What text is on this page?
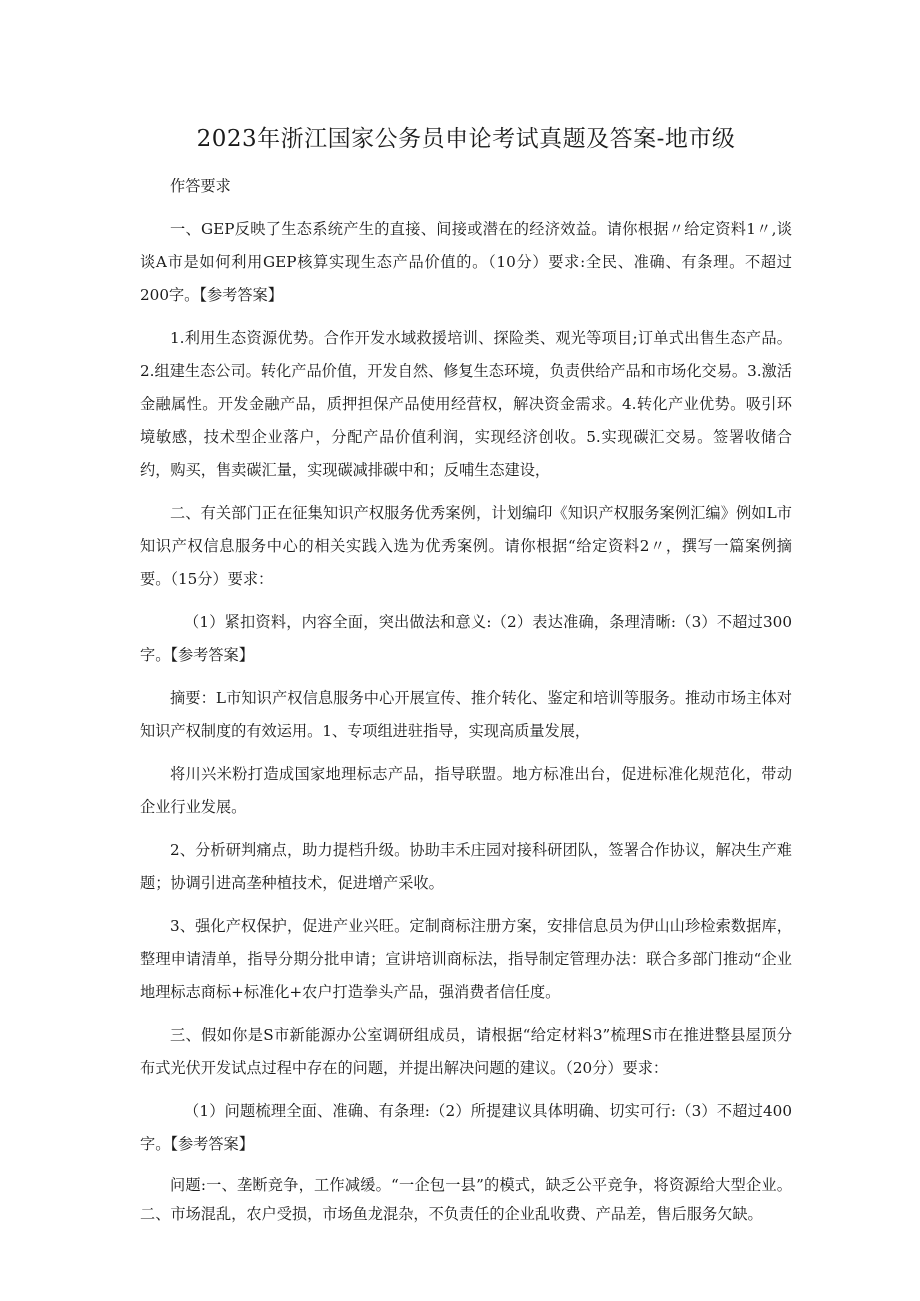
2023年浙江国家公务员申论考试真题及答案-地市级

作答要求

一、GEP反映了生态系统产生的直接、间接或潜在的经济效益。请你根据〃给定资料1〃,谈谈A市是如何利用GEP核算实现生态产品价值的。（10分）要求:全民、准确、有条理。不超过200字。【参考答案】

1.利用生态资源优势。合作开发水域救援培训、探险类、观光等项目;订单式出售生态产品。2.组建生态公司。转化产品价值，开发自然、修复生态环境，负责供给产品和市场化交易。3.激活金融属性。开发金融产品，质押担保产品使用经营权，解决资金需求。4.转化产业优势。吸引环境敏感，技术型企业落户，分配产品价值利润，实现经济创收。5.实现碳汇交易。签署收储合约，购买，售卖碳汇量，实现碳减排碳中和；反哺生态建设，

二、有关部门正在征集知识产权服务优秀案例，计划编印《知识产权服务案例汇编》例如L市知识产权信息服务中心的相关实践入选为优秀案例。请你根据“给定资料2〃，撰写一篇案例摘要。（15分）要求：

（1）紧扣资料，内容全面，突出做法和意义:（2）表达准确，条理清晰:（3）不超过300字。【参考答案】

摘要：L市知识产权信息服务中心开展宣传、推介转化、鉴定和培训等服务。推动市场主体对知识产权制度的有效运用。1、专项组进驻指导，实现高质量发展，

将川兴米粉打造成国家地理标志产品，指导联盟。地方标准出台，促进标准化规范化，带动企业行业发展。

2、分析研判痛点，助力提档升级。协助丰禾庄园对接科研团队，签署合作协议，解决生产难题；协调引进高垄种植技术，促进增产采收。

3、强化产权保护，促进产业兴旺。定制商标注册方案，安排信息员为伊山山珍检索数据库，整理申请清单，指导分期分批申请；宣讲培训商标法，指导制定管理办法：联合多部门推动“企业地理标志商标+标准化+农户打造拳头产品，强消费者信任度。

三、假如你是S市新能源办公室调研组成员，请根据“给定材料3”梳理S市在推进整县屋顶分布式光伏开发试点过程中存在的问题，并提出解决问题的建议。（20分）要求：

（1）问题梳理全面、准确、有条理:（2）所提建议具体明确、切实可行:（3）不超过400字。【参考答案】

问题:一、垄断竞争，工作减缓。“一企包一县”的模式，缺乏公平竞争，将资源给大型企业。二、市场混乱，农户受损，市场鱼龙混杂，不负责任的企业乱收费、产品差，售后服务欠缺。
